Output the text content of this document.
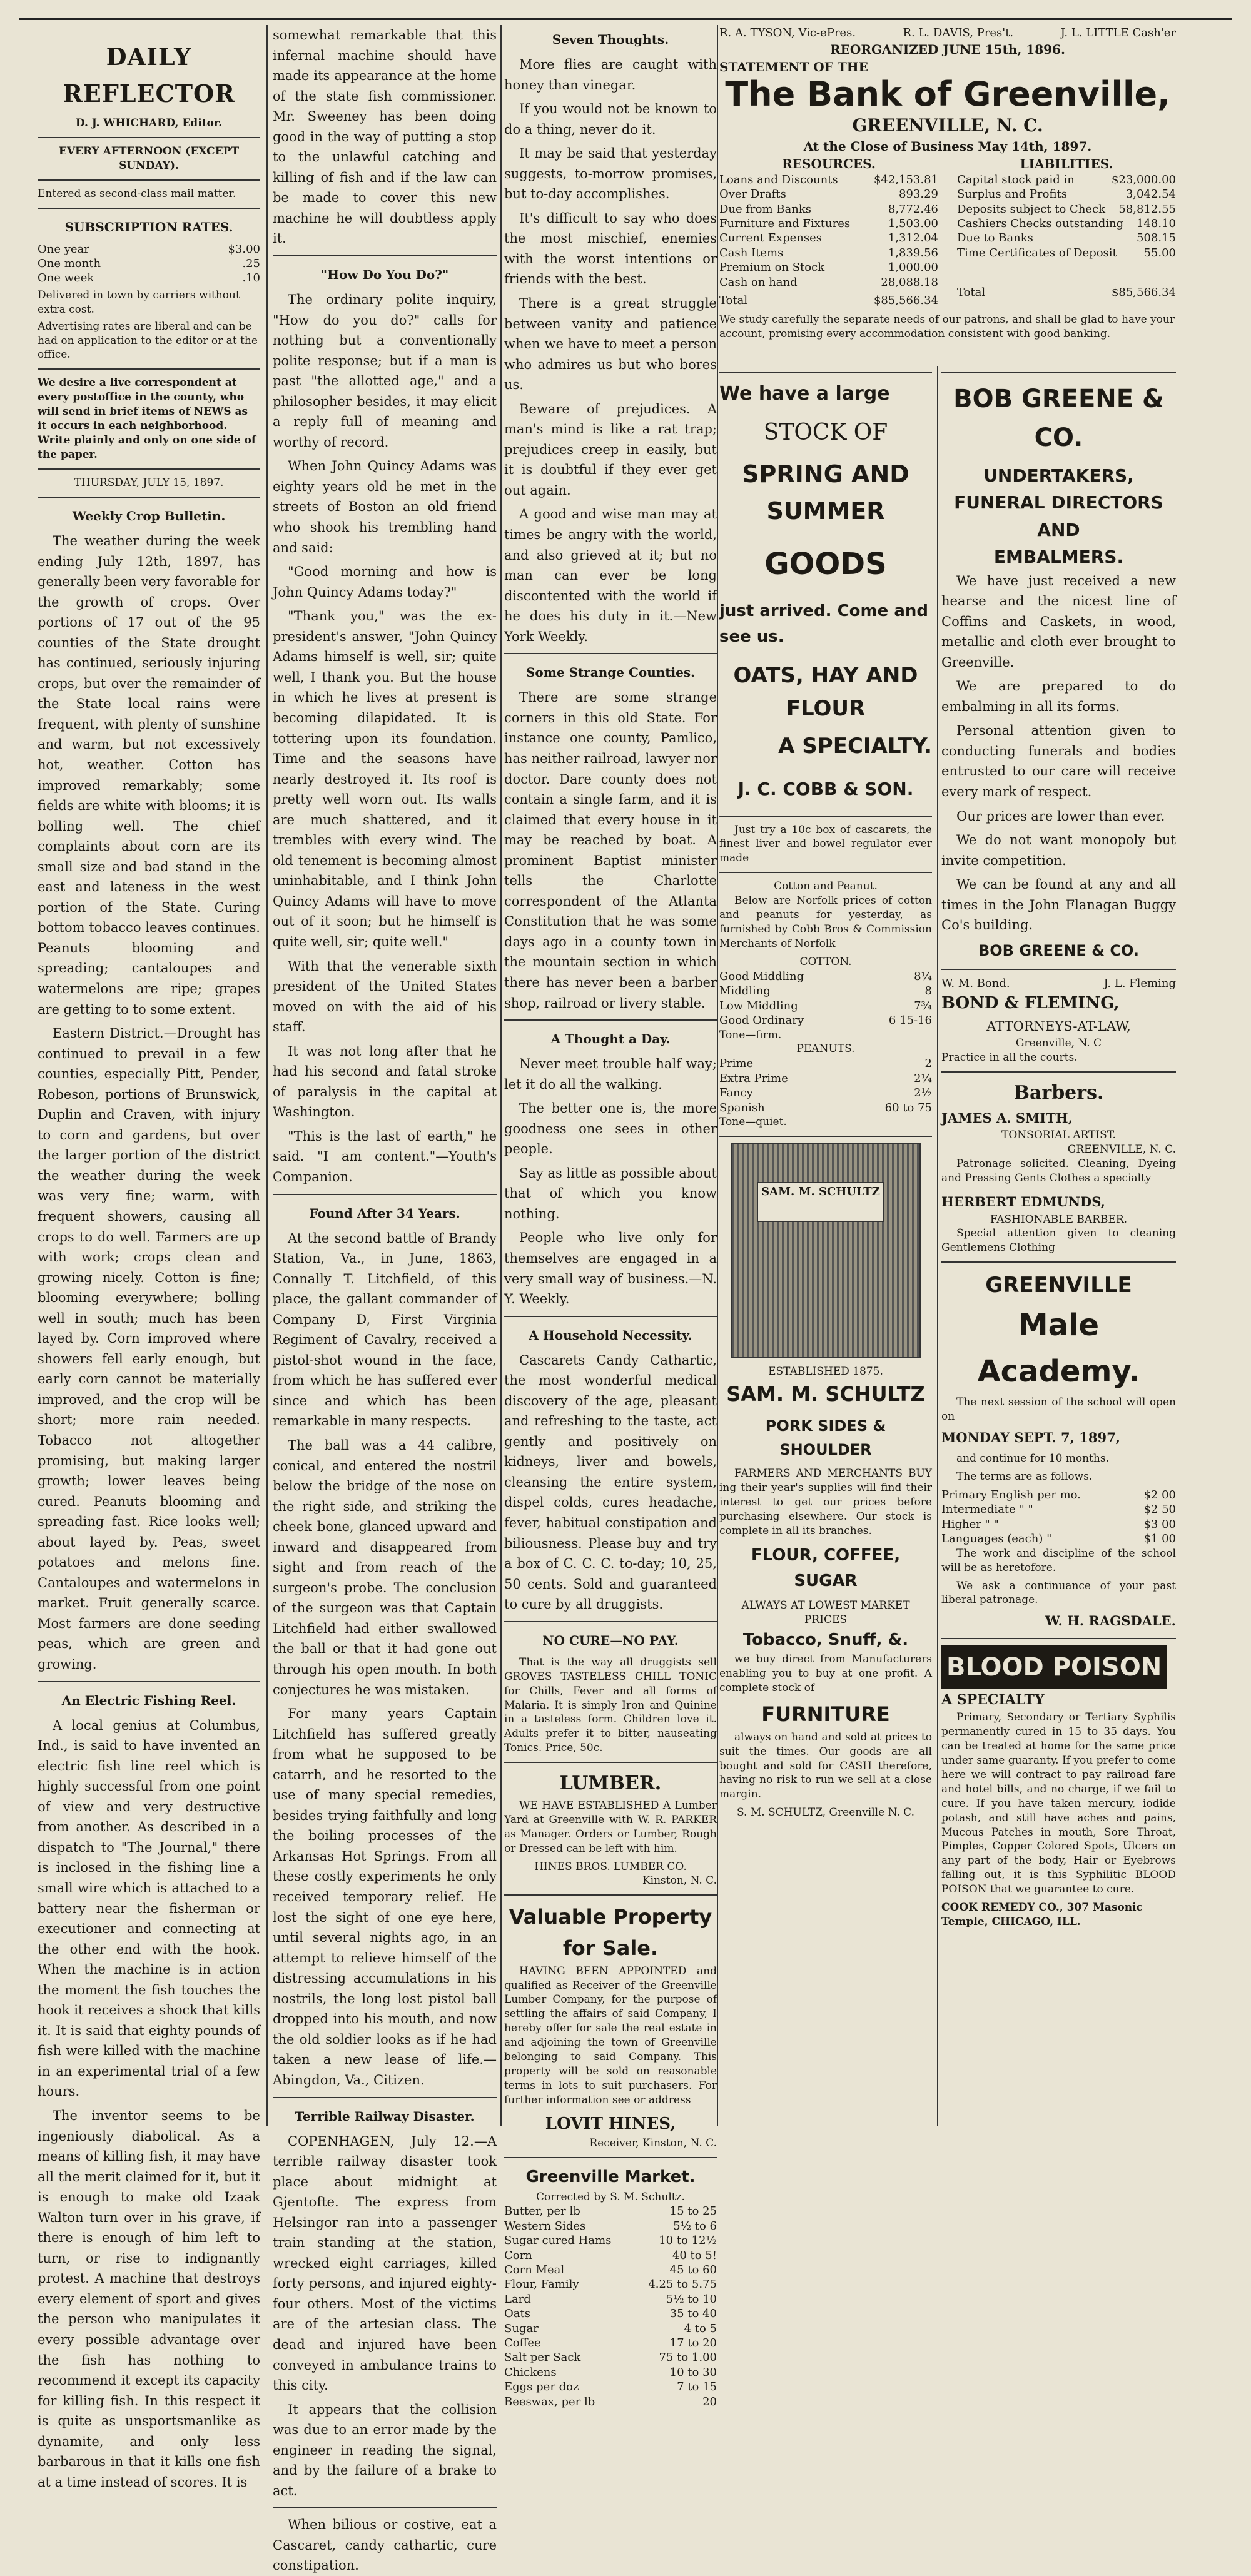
DAILY REFLECTOR
D. J. WHICHARD, Editor.
EVERY AFTERNOON (EXCEPT SUNDAY).
Entered as second-class mail matter.
SUBSCRIPTION RATES.
One year	$3.00
One month	.25
One week	.10
Delivered in town by carriers without extra cost.
Advertising rates are liberal and can be had on application to the editor or at the office.
We desire a live correspondent at every postoffice in the county, who will send in brief items of NEWS as it occurs in each neighborhood. Write plainly and only on one side of the paper.
THURSDAY, JULY 15, 1897.
Weekly Crop Bulletin.

The weather during the week ending July 12th, 1897, has generally been very favorable for the growth of crops. Over portions of 17 out of the 95 counties of the State drought has continued, seriously injuring crops, but over the remainder of the State local rains were frequent, with plenty of sunshine and warm, but not excessively hot, weather. Cotton has improved remarkably; some fields are white with blooms; it is bolling well. The chief complaints about corn are its small size and bad stand in the east and lateness in the west portion of the State. Curing bottom tobacco leaves continues. Peanuts blooming and spreading; cantaloupes and watermelons are ripe; grapes are getting to to some extent.

Eastern District.—Drought has continued to prevail in a few counties, especially Pitt, Pender, Robeson, portions of Brunswick, Duplin and Craven, with injury to corn and gardens, but over the larger portion of the district the weather during the week was very fine; warm, with frequent showers, causing all crops to do well. Farmers are up with work; crops clean and growing nicely. Cotton is fine; blooming everywhere; bolling well in south; much has been layed by. Corn improved where showers fell early enough, but early corn cannot be materially improved, and the crop will be short; more rain needed. Tobacco not altogether promising, but making larger growth; lower leaves being cured. Peanuts blooming and spreading fast. Rice looks well; about layed by. Peas, sweet potatoes and melons fine. Cantaloupes and watermelons in market. Fruit generally scarce. Most farmers are done seeding peas, which are green and growing.

An Electric Fishing Reel.

A local genius at Columbus, Ind., is said to have invented an electric fish line reel which is highly successful from one point of view and very destructive from another. As described in a dispatch to "The Journal," there is inclosed in the fishing line a small wire which is attached to a battery near the fisherman or executioner and connecting at the other end with the hook. When the machine is in action the moment the fish touches the hook it receives a shock that kills it. It is said that eighty pounds of fish were killed with the machine in an experimental trial of a few hours.

The inventor seems to be ingeniously diabolical. As a means of killing fish, it may have all the merit claimed for it, but it is enough to make old Izaak Walton turn over in his grave, if there is enough of him left to turn, or rise to indignantly protest. A machine that destroys every element of sport and gives the person who manipulates it every possible advantage over the fish has nothing to recommend it except its capacity for killing fish. In this respect it is quite as unsportsmanlike as dynamite, and only less barbarous in that it kills one fish at a time instead of scores. It is

somewhat remarkable that this infernal machine should have made its appearance at the home of the state fish commissioner. Mr. Sweeney has been doing good in the way of putting a stop to the unlawful catching and killing of fish and if the law can be made to cover this new machine he will doubtless apply it.

"How Do You Do?"

The ordinary polite inquiry, "How do you do?" calls for nothing but a conventionally polite response; but if a man is past "the allotted age," and a philosopher besides, it may elicit a reply full of meaning and worthy of record.

When John Quincy Adams was eighty years old he met in the streets of Boston an old friend who shook his trembling hand and said:

"Good morning and how is John Quincy Adams today?"

"Thank you," was the ex-president's answer, "John Quincy Adams himself is well, sir; quite well, I thank you. But the house in which he lives at present is becoming dilapidated. It is tottering upon its foundation. Time and the seasons have nearly destroyed it. Its roof is pretty well worn out. Its walls are much shattered, and it trembles with every wind. The old tenement is becoming almost uninhabitable, and I think John Quincy Adams will have to move out of it soon; but he himself is quite well, sir; quite well."

With that the venerable sixth president of the United States moved on with the aid of his staff.

It was not long after that he had his second and fatal stroke of paralysis in the capital at Washington.

"This is the last of earth," he said. "I am content."—Youth's Companion.

Found After 34 Years.

At the second battle of Brandy Station, Va., in June, 1863, Connally T. Litchfield, of this place, the gallant commander of Company D, First Virginia Regiment of Cavalry, received a pistol-shot wound in the face, from which he has suffered ever since and which has been remarkable in many respects.

The ball was a 44 calibre, conical, and entered the nostril below the bridge of the nose on the right side, and striking the cheek bone, glanced upward and inward and disappeared from sight and from reach of the surgeon's probe. The conclusion of the surgeon was that Captain Litchfield had either swallowed the ball or that it had gone out through his open mouth. In both conjectures he was mistaken.

For many years Captain Litchfield has suffered greatly from what he supposed to be catarrh, and he resorted to the use of many special remedies, besides trying faithfully and long the boiling processes of the Arkansas Hot Springs. From all these costly experiments he only received temporary relief. He lost the sight of one eye here, until several nights ago, in an attempt to relieve himself of the distressing accumulations in his nostrils, the long lost pistol ball dropped into his mouth, and now the old soldier looks as if he had taken a new lease of life.—Abingdon, Va., Citizen.

Terrible Railway Disaster.

COPENHAGEN, July 12.—A terrible railway disaster took place about midnight at Gjentofte. The express from Helsingor ran into a passenger train standing at the station, wrecked eight carriages, killed forty persons, and injured eighty-four others. Most of the victims are of the artesian class. The dead and injured have been conveyed in ambulance trains to this city.

It appears that the collision was due to an error made by the engineer in reading the signal, and by the failure of a brake to act.

When bilious or costive, eat a Cascaret, candy cathartic, cure constipation.

Seven Thoughts.

More flies are caught with honey than vinegar.

If you would not be known to do a thing, never do it.

It may be said that yesterday suggests, to-morrow promises, but to-day accomplishes.

It's difficult to say who does the most mischief, enemies with the worst intentions or friends with the best.

There is a great struggle between vanity and patience when we have to meet a person who admires us but who bores us.

Beware of prejudices. A man's mind is like a rat trap; prejudices creep in easily, but it is doubtful if they ever get out again.

A good and wise man may at times be angry with the world, and also grieved at it; but no man can ever be long discontented with the world if he does his duty in it.—New York Weekly.

Some Strange Counties.

There are some strange corners in this old State. For instance one county, Pamlico, has neither railroad, lawyer nor doctor. Dare county does not contain a single farm, and it is claimed that every house in it may be reached by boat. A prominent Baptist minister tells the Charlotte correspondent of the Atlanta Constitution that he was some days ago in a county town in the mountain section in which there has never been a barber shop, railroad or livery stable.

A Thought a Day.

Never meet trouble half way; let it do all the walking.

The better one is, the more goodness one sees in other people.

Say as little as possible about that of which you know nothing.

People who live only for themselves are engaged in a very small way of business.—N. Y. Weekly.

A Household Necessity.

Cascarets Candy Cathartic, the most wonderful medical discovery of the age, pleasant and refreshing to the taste, act gently and positively on kidneys, liver and bowels, cleansing the entire system, dispel colds, cures headache, fever, habitual constipation and biliousness. Please buy and try a box of C. C. C. to-day; 10, 25, 50 cents. Sold and guaranteed to cure by all druggists.

NO CURE—NO PAY.

That is the way all druggists sell GROVES TASTELESS CHILL TONIC for Chills, Fever and all forms of Malaria. It is simply Iron and Quinine in a tasteless form. Children love it. Adults prefer it to bitter, nauseating Tonics. Price, 50c.

LUMBER.

WE HAVE ESTABLISHED A Lumber Yard at Greenville with W. R. PARKER as Manager. Orders or Lumber, Rough or Dressed can be left with him.

HINES BROS. LUMBER CO.
Kinston, N. C.
Valuable Property for Sale.

HAVING BEEN APPOINTED and qualified as Receiver of the Greenville Lumber Company, for the purpose of settling the affairs of said Company, I hereby offer for sale the real estate in and adjoining the town of Greenville belonging to said Company. This property will be sold on reasonable terms in lots to suit purchasers. For further information see or address

LOVIT HINES,
Receiver, Kinston, N. C.
Greenville Market.
Corrected by S. M. Schultz.
Butter, per lb	15 to 25
Western Sides	5½ to 6
Sugar cured Hams	10 to 12½
Corn	40 to 5!
Corn Meal	45 to 60
Flour, Family	4.25 to 5.75
Lard	5½ to 10
Oats	35 to 40
Sugar	4 to 5
Coffee	17 to 20
Salt per Sack	75 to 1.00
Chickens	10 to 30
Eggs per doz	7 to 15
Beeswax, per lb	20
R. A. TYSON, Vic-ePres.	R. L. DAVIS, Pres't.	J. L. LITTLE Cash'er
REORGANIZED JUNE 15th, 1896.
STATEMENT OF THE
The Bank of Greenville,
GREENVILLE, N. C.
At the Close of Business May 14th, 1897.
RESOURCES.
Loans and Discounts	$42,153.81
Over Drafts	893.29
Due from Banks	8,772.46
Furniture and Fixtures	1,503.00
Current Expenses	1,312.04
Cash Items	1,839.56
Premium on Stock	1,000.00
Cash on hand	28,088.18
Total	$85,566.34
LIABILITIES.
Capital stock paid in	$23,000.00
Surplus and Profits	3,042.54
Deposits subject to Check 58,812.55
Cashiers Checks outstanding 148.10
Due to Banks	508.15
Time Certificates of Deposit 55.00
Total	$85,566.34
We study carefully the separate needs of our patrons, and shall be glad to have your account, promising every accommodation consistent with good banking.
We have a large
STOCK OF
SPRING AND SUMMER
GOODS
just arrived. Come and see us.
OATS, HAY AND FLOUR
A SPECIALTY.
J. C. COBB & SON.

Just try a 10c box of cascarets, the finest liver and bowel regulator ever made

Cotton and Peanut.

Below are Norfolk prices of cotton and peanuts for yesterday, as furnished by Cobb Bros & Commission Merchants of Norfolk

COTTON.
Good Middling	8¼
Middling	8
Low Middling	7¾
Good Ordinary	6 15-16
Tone—firm.
PEANUTS.
Prime	2
Extra Prime	2¼
Fancy	2½
Spanish	60 to 75
Tone—quiet.
SAM. M. SCHULTZ
ESTABLISHED 1875.
SAM. M. SCHULTZ
PORK SIDES & SHOULDER

FARMERS AND MERCHANTS BUY ing their year's supplies will find their interest to get our prices before purchasing elsewhere. Our stock is complete in all its branches.

FLOUR, COFFEE, SUGAR
ALWAYS AT LOWEST MARKET PRICES
Tobacco, Snuff, &.

we buy direct from Manufacturers enabling you to buy at one profit. A complete stock of

FURNITURE

always on hand and sold at prices to suit the times. Our goods are all bought and sold for CASH therefore, having no risk to run we sell at a close margin.

S. M. SCHULTZ, Greenville N. C.
BOB GREENE & CO.
UNDERTAKERS,
FUNERAL DIRECTORS AND
EMBALMERS.

We have just received a new hearse and the nicest line of Coffins and Caskets, in wood, metallic and cloth ever brought to Greenville.

We are prepared to do embalming in all its forms.

Personal attention given to conducting funerals and bodies entrusted to our care will receive every mark of respect.

Our prices are lower than ever.

We do not want monopoly but invite competition.

We can be found at any and all times in the John Flanagan Buggy Co's building.

BOB GREENE & CO.
W. M. Bond.	J. L. Fleming
BOND & FLEMING,
ATTORNEYS-AT-LAW,
Greenville, N. C
Practice in all the courts.
Barbers.
JAMES A. SMITH,
TONSORIAL ARTIST.
GREENVILLE, N. C.

Patronage solicited. Cleaning, Dyeing and Pressing Gents Clothes a specialty

HERBERT EDMUNDS,
FASHIONABLE BARBER.

Special attention given to cleaning Gentlemens Clothing

GREENVILLE
Male Academy.

The next session of the school will open on

MONDAY SEPT. 7, 1897,

and continue for 10 months.

The terms are as follows.

Primary English per mo.	$2 00
Intermediate " "	$2 50
Higher " "	$3 00
Languages (each) "	$1 00

The work and discipline of the school will be as heretofore.

We ask a continuance of your past liberal patronage.

W. H. RAGSDALE.
BLOOD POISON
A SPECIALTY

Primary, Secondary or Tertiary Syphilis permanently cured in 15 to 35 days. You can be treated at home for the same price under same guaranty. If you prefer to come here we will contract to pay railroad fare and hotel bills, and no charge, if we fail to cure. If you have taken mercury, iodide potash, and still have aches and pains, Mucous Patches in mouth, Sore Throat, Pimples, Copper Colored Spots, Ulcers on any part of the body, Hair or Eyebrows falling out, it is this Syphilitic BLOOD POISON that we guarantee to cure.

COOK REMEDY CO., 307 Masonic Temple, CHICAGO, ILL.
